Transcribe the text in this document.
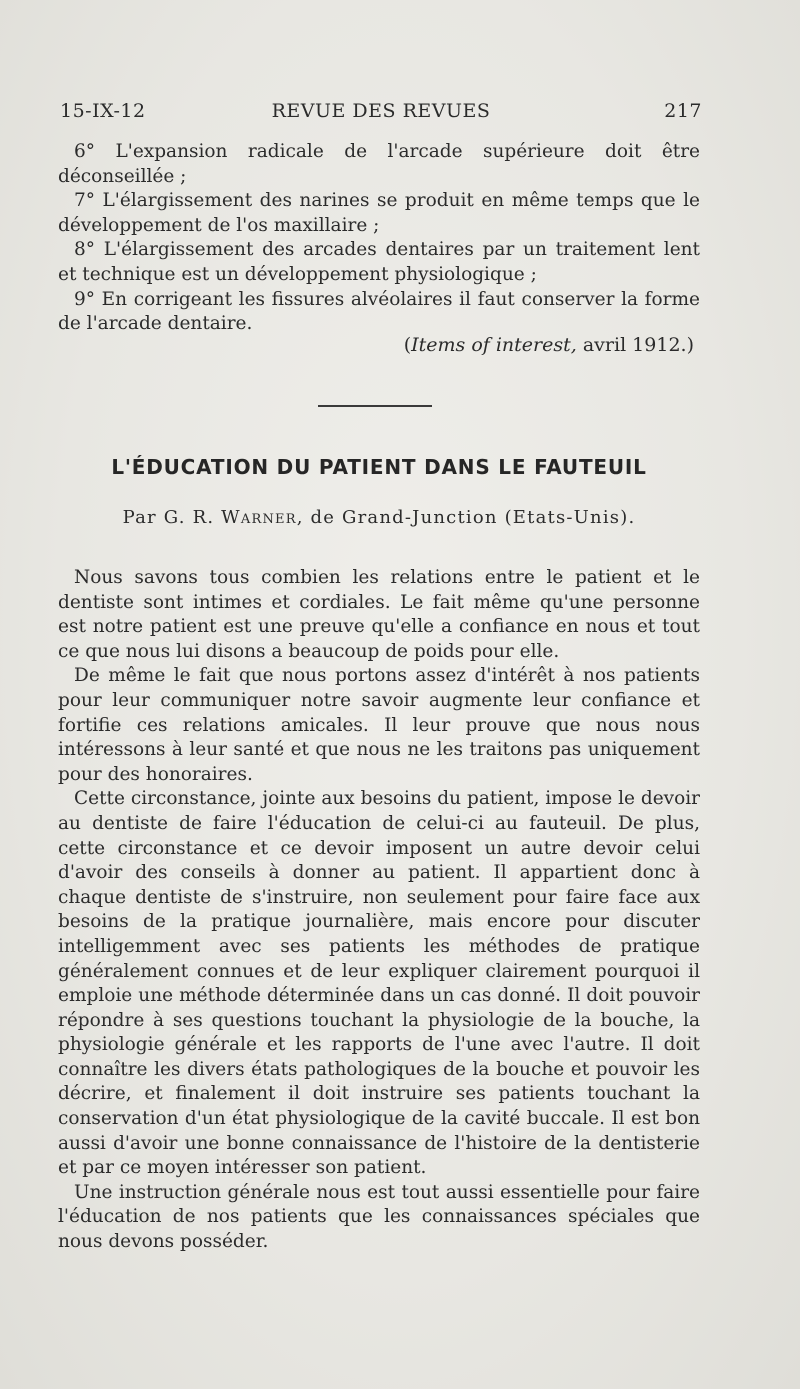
15-IX-12	REVUE DES REVUES	217

6° L'expansion radicale de l'arcade supérieure doit être déconseillée ;

7° L'élargissement des narines se produit en même temps que le développement de l'os maxillaire ;

8° L'élargissement des arcades dentaires par un traitement lent et technique est un développement physiologique ;

9° En corrigeant les fissures alvéolaires il faut conserver la forme de l'arcade dentaire.

(Items of interest, avril 1912.)
L'ÉDUCATION DU PATIENT DANS LE FAUTEUIL
Par G. R. Warner, de Grand-Junction (Etats-Unis).

Nous savons tous combien les relations entre le patient et le dentiste sont intimes et cordiales. Le fait même qu'une personne est notre patient est une preuve qu'elle a confiance en nous et tout ce que nous lui disons a beaucoup de poids pour elle.

De même le fait que nous portons assez d'intérêt à nos patients pour leur communiquer notre savoir augmente leur confiance et fortifie ces relations amicales. Il leur prouve que nous nous intéressons à leur santé et que nous ne les traitons pas uniquement pour des honoraires.

Cette circonstance, jointe aux besoins du patient, impose le devoir au dentiste de faire l'éducation de celui-ci au fauteuil. De plus, cette circonstance et ce devoir imposent un autre devoir celui d'avoir des conseils à donner au patient. Il appartient donc à chaque dentiste de s'instruire, non seulement pour faire face aux besoins de la pratique journalière, mais encore pour discuter intelligemment avec ses patients les méthodes de pratique généralement connues et de leur expliquer clairement pourquoi il emploie une méthode déterminée dans un cas donné. Il doit pouvoir répondre à ses questions touchant la physiologie de la bouche, la physiologie générale et les rapports de l'une avec l'autre. Il doit connaître les divers états pathologiques de la bouche et pouvoir les décrire, et finalement il doit instruire ses patients touchant la conservation d'un état physiologique de la cavité buccale. Il est bon aussi d'avoir une bonne connaissance de l'histoire de la dentisterie et par ce moyen intéresser son patient.

Une instruction générale nous est tout aussi essentielle pour faire l'éducation de nos patients que les connaissances spéciales que nous devons posséder.
